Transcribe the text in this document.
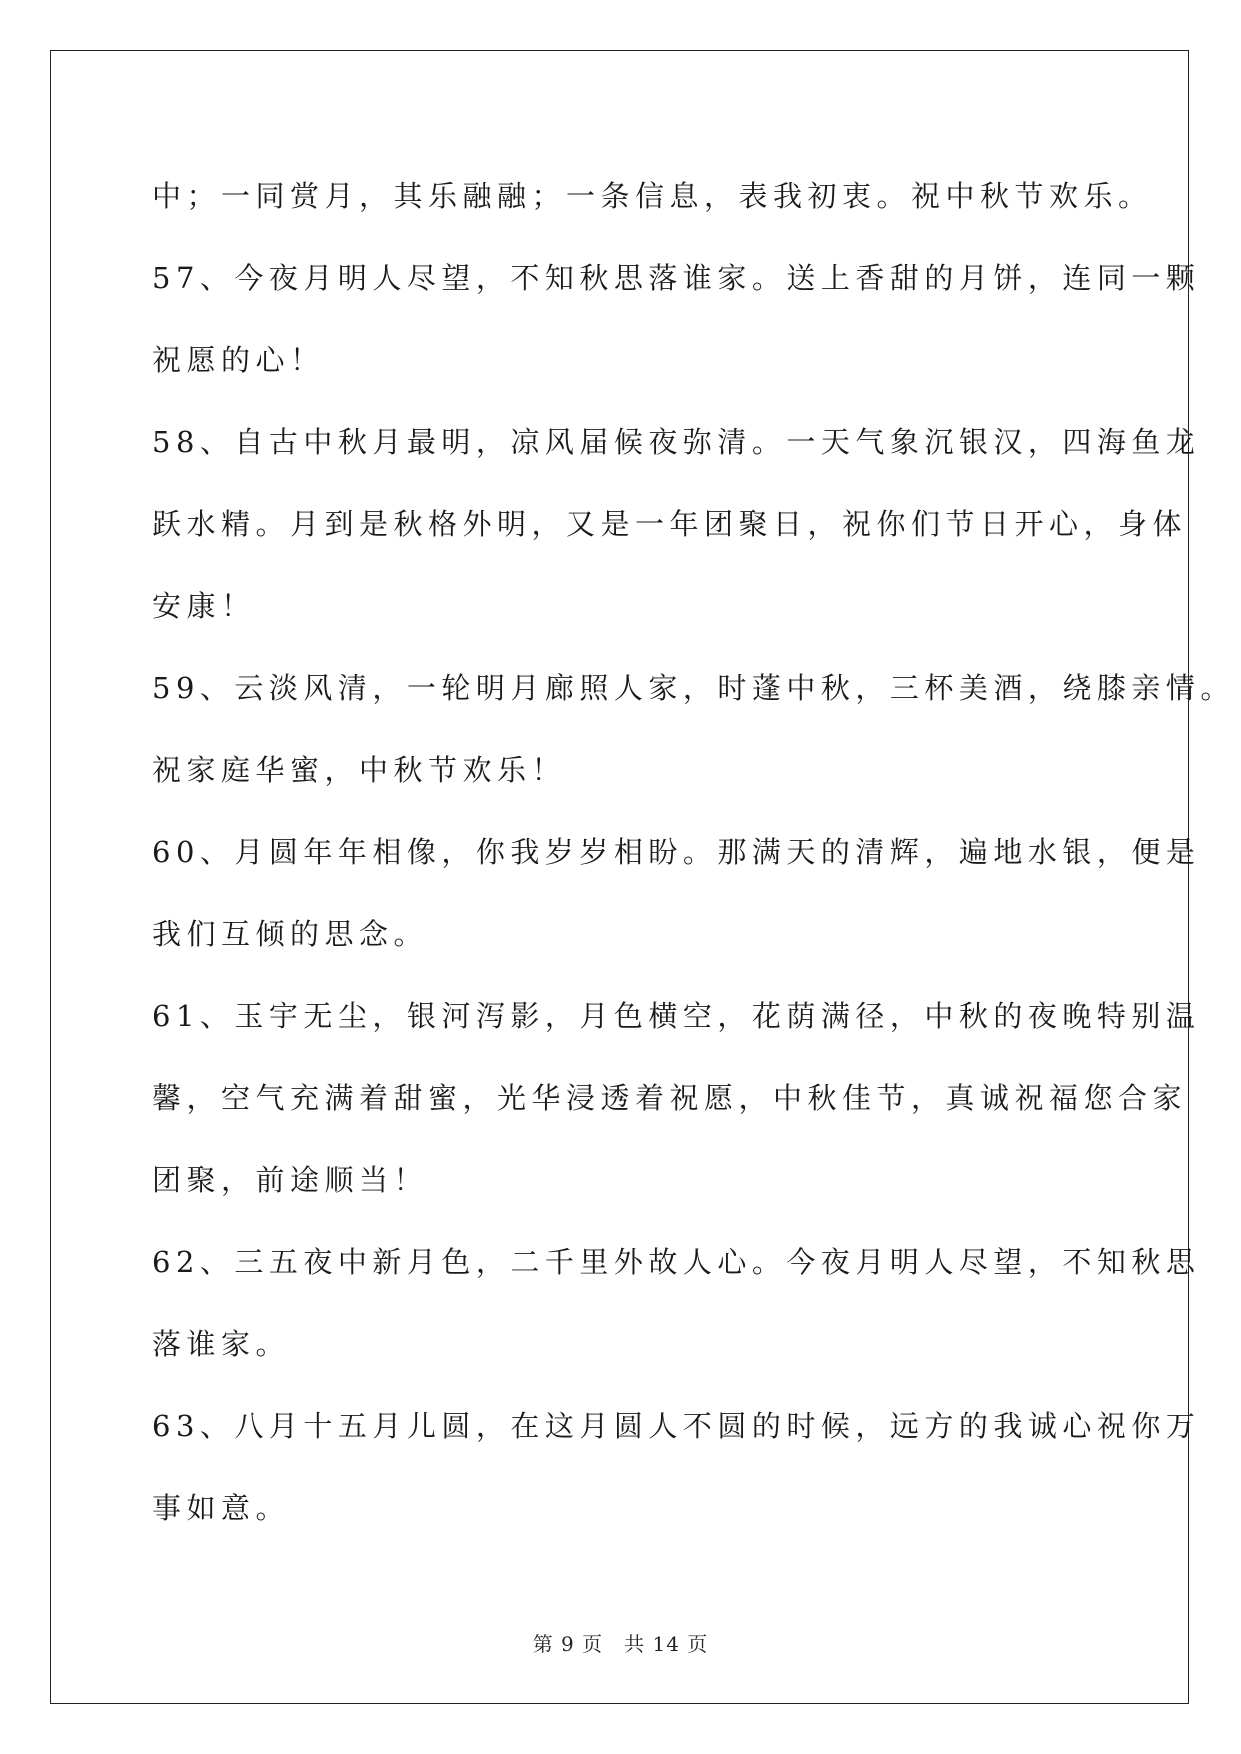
中；一同赏月，其乐融融；一条信息，表我初衷。祝中秋节欢乐。
57、今夜月明人尽望，不知秋思落谁家。送上香甜的月饼，连同一颗
祝愿的心！
58、自古中秋月最明，凉风届候夜弥清。一天气象沉银汉，四海鱼龙
跃水精。月到是秋格外明，又是一年团聚日，祝你们节日开心，身体
安康！
59、云淡风清，一轮明月廊照人家，时蓬中秋，三杯美酒，绕膝亲情。
祝家庭华蜜，中秋节欢乐！
60、月圆年年相像，你我岁岁相盼。那满天的清辉，遍地水银，便是
我们互倾的思念。
61、玉宇无尘，银河泻影，月色横空，花荫满径，中秋的夜晚特别温
馨，空气充满着甜蜜，光华浸透着祝愿，中秋佳节，真诚祝福您合家
团聚，前途顺当！
62、三五夜中新月色，二千里外故人心。今夜月明人尽望，不知秋思
落谁家。
63、八月十五月儿圆，在这月圆人不圆的时候，远方的我诚心祝你万
事如意。
第 9 页　共 14 页
